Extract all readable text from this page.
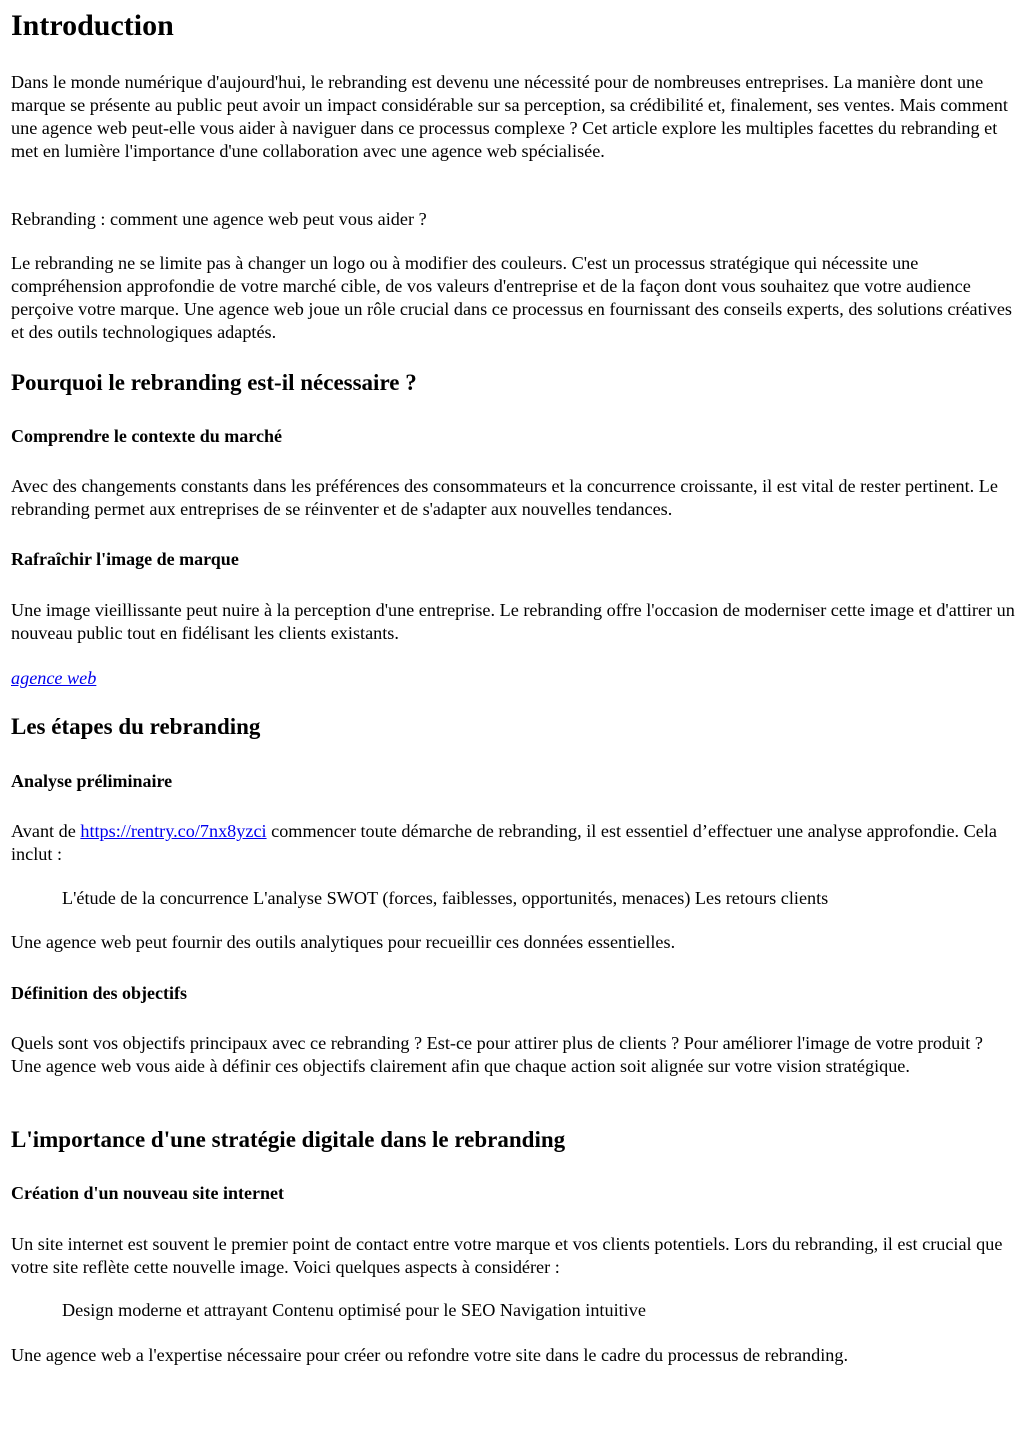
Introduction

Dans le monde numérique d'aujourd'hui, le rebranding est devenu une nécessité pour de nombreuses entreprises. La manière dont une marque se présente au public peut avoir un impact considérable sur sa perception, sa crédibilité et, finalement, ses ventes. Mais comment une agence web peut-elle vous aider à naviguer dans ce processus complexe ? Cet article explore les multiples facettes du rebranding et met en lumière l'importance d'une collaboration avec une agence web spécialisée.

Rebranding : comment une agence web peut vous aider ?

Le rebranding ne se limite pas à changer un logo ou à modifier des couleurs. C'est un processus stratégique qui nécessite une compréhension approfondie de votre marché cible, de vos valeurs d'entreprise et de la façon dont vous souhaitez que votre audience perçoive votre marque. Une agence web joue un rôle crucial dans ce processus en fournissant des conseils experts, des solutions créatives et des outils technologiques adaptés.

Pourquoi le rebranding est-il nécessaire ?
Comprendre le contexte du marché

Avec des changements constants dans les préférences des consommateurs et la concurrence croissante, il est vital de rester pertinent. Le rebranding permet aux entreprises de se réinventer et de s'adapter aux nouvelles tendances.

Rafraîchir l'image de marque

Une image vieillissante peut nuire à la perception d'une entreprise. Le rebranding offre l'occasion de moderniser cette image et d'attirer un nouveau public tout en fidélisant les clients existants.

agence web

Les étapes du rebranding
Analyse préliminaire

Avant de https://rentry.co/7nx8yzci commencer toute démarche de rebranding, il est essentiel d’effectuer une analyse approfondie. Cela inclut :

L'étude de la concurrence L'analyse SWOT (forces, faiblesses, opportunités, menaces) Les retours clients

Une agence web peut fournir des outils analytiques pour recueillir ces données essentielles.

Définition des objectifs

Quels sont vos objectifs principaux avec ce rebranding ? Est-ce pour attirer plus de clients ? Pour améliorer l'image de votre produit ? Une agence web vous aide à définir ces objectifs clairement afin que chaque action soit alignée sur votre vision stratégique.

L'importance d'une stratégie digitale dans le rebranding
Création d'un nouveau site internet

Un site internet est souvent le premier point de contact entre votre marque et vos clients potentiels. Lors du rebranding, il est crucial que votre site reflète cette nouvelle image. Voici quelques aspects à considérer :

Design moderne et attrayant Contenu optimisé pour le SEO Navigation intuitive

Une agence web a l'expertise nécessaire pour créer ou refondre votre site dans le cadre du processus de rebranding.
